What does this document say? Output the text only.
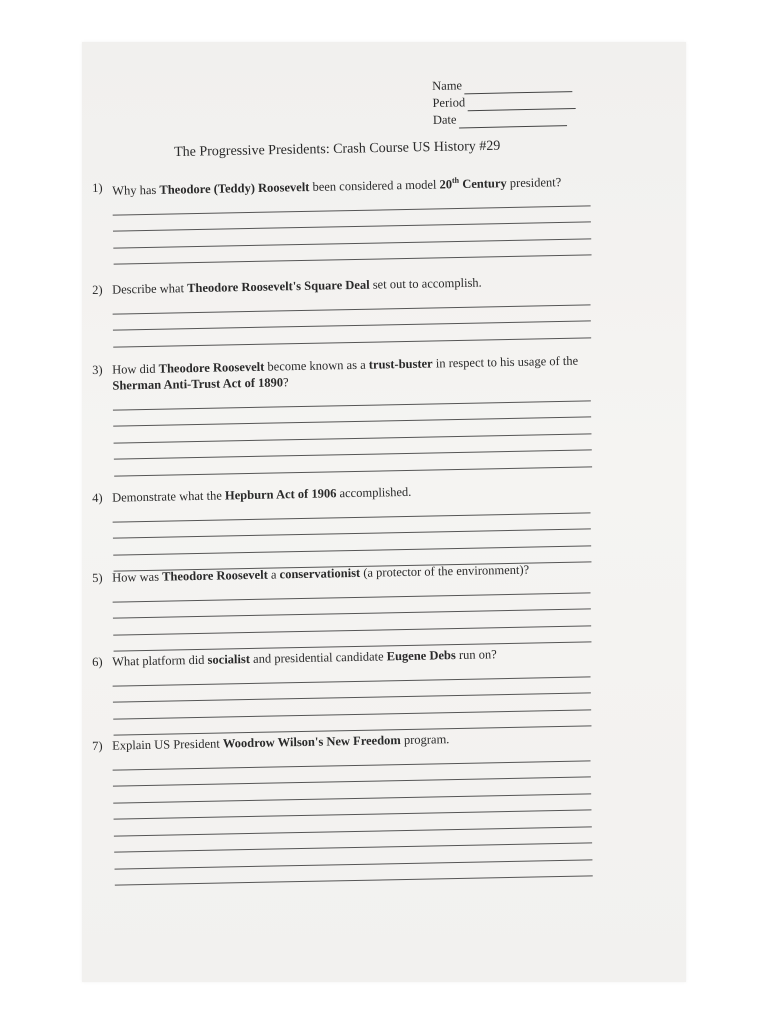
Name
Period
Date
The Progressive Presidents: Crash Course US History #29
1) Why has Theodore (Teddy) Roosevelt been considered a model 20th Century president?
2) Describe what Theodore Roosevelt's Square Deal set out to accomplish.
3) How did Theodore Roosevelt become known as a trust-buster in respect to his usage of the Sherman Anti-Trust Act of 1890?
4) Demonstrate what the Hepburn Act of 1906 accomplished.
5) How was Theodore Roosevelt a conservationist (a protector of the environment)?
6) What platform did socialist and presidential candidate Eugene Debs run on?
7) Explain US President Woodrow Wilson's New Freedom program.
